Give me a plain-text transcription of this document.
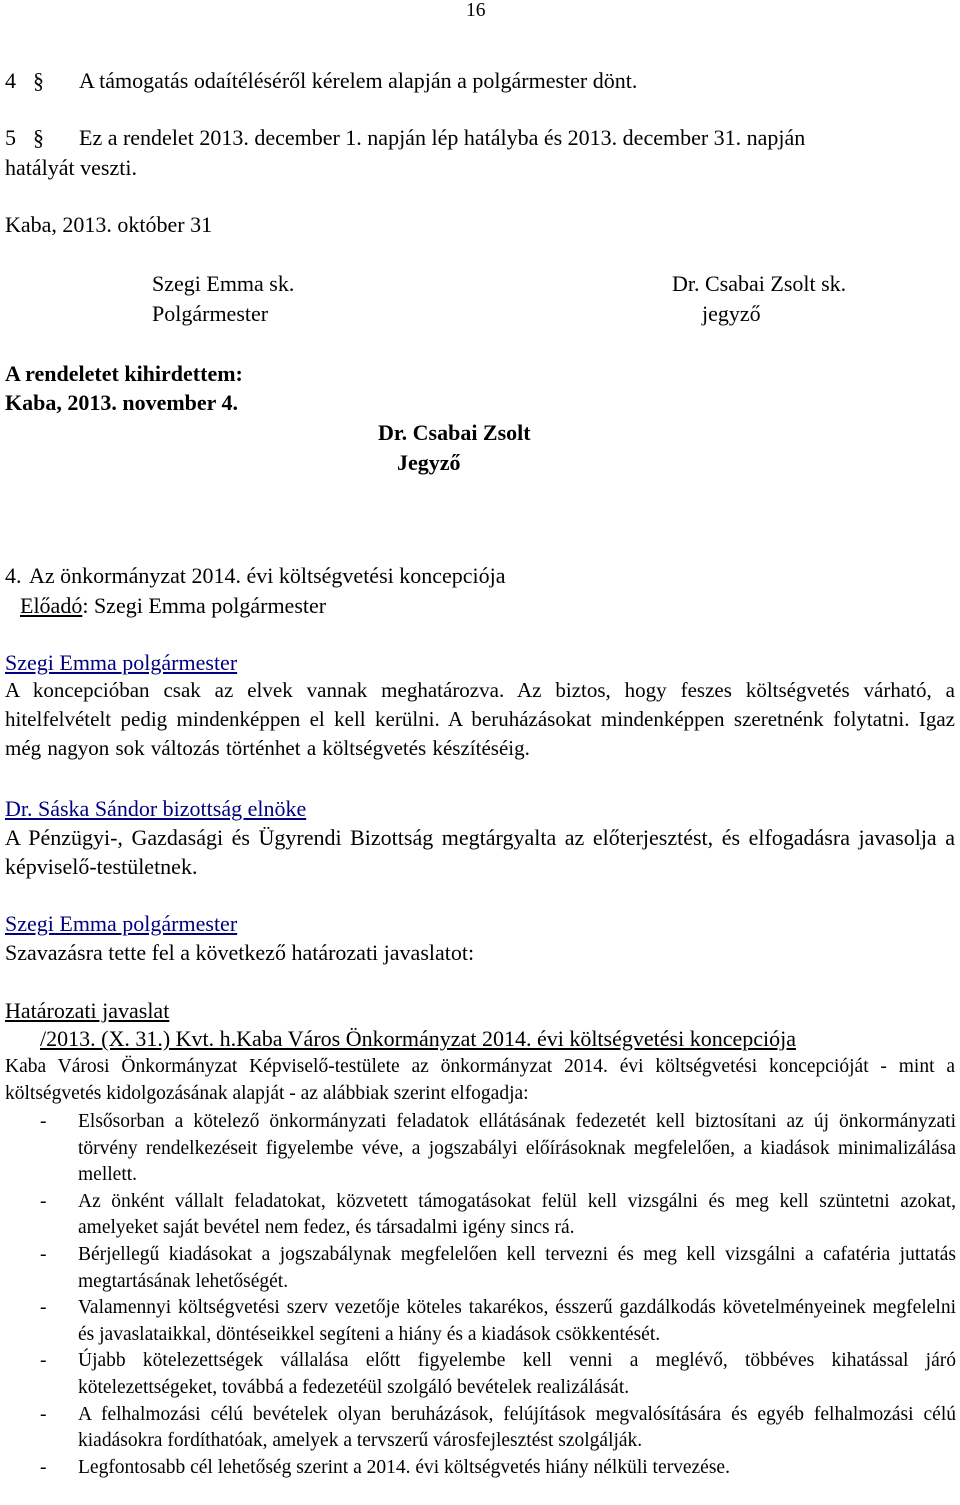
16
4 § A támogatás odaítéléséről kérelem alapján a polgármester dönt.
5 § Ez a rendelet 2013. december 1. napján lép hatályba és 2013. december 31. napján
hatályát veszti.
Kaba, 2013. október 31
Szegi Emma sk.
Polgármester
Dr. Csabai Zsolt sk.
jegyző
A rendeletet kihirdettem:
Kaba, 2013. november 4.
Dr. Csabai Zsolt
Jegyző
4. Az önkormányzat 2014. évi költségvetési koncepciója
Előadó: Szegi Emma polgármester
Szegi Emma polgármester
A koncepcióban csak az elvek vannak meghatározva. Az biztos, hogy feszes költségvetés várható, a hitelfelvételt pedig mindenképpen el kell kerülni. A beruházásokat mindenképpen szeretnénk folytatni. Igaz még nagyon sok változás történhet a költségvetés készítéséig.
Dr. Sáska Sándor bizottság elnöke
A Pénzügyi-, Gazdasági és Ügyrendi Bizottság megtárgyalta az előterjesztést, és elfogadásra javasolja a képviselő-testületnek.
Szegi Emma polgármester
Szavazásra tette fel a következő határozati javaslatot:
Határozati javaslat
/2013. (X. 31.) Kvt. h.Kaba Város Önkormányzat 2014. évi költségvetési koncepciója
Kaba Városi Önkormányzat Képviselő-testülete az önkormányzat 2014. évi költségvetési koncepcióját - mint a költségvetés kidolgozásának alapját - az alábbiak szerint elfogadja:
- Elsősorban a kötelező önkormányzati feladatok ellátásának fedezetét kell biztosítani az új önkormányzati törvény rendelkezéseit figyelembe véve, a jogszabályi előírásoknak megfelelően, a kiadások minimalizálása mellett.
- Az önként vállalt feladatokat, közvetett támogatásokat felül kell vizsgálni és meg kell szüntetni azokat, amelyeket saját bevétel nem fedez, és társadalmi igény sincs rá.
- Bérjellegű kiadásokat a jogszabálynak megfelelően kell tervezni és meg kell vizsgálni a cafatéria juttatás megtartásának lehetőségét.
- Valamennyi költségvetési szerv vezetője köteles takarékos, ésszerű gazdálkodás követelményeinek megfelelni és javaslataikkal, döntéseikkel segíteni a hiány és a kiadások csökkentését.
- Újabb kötelezettségek vállalása előtt figyelembe kell venni a meglévő, többéves kihatással járó kötelezettségeket, továbbá a fedezetéül szolgáló bevételek realizálását.
- A felhalmozási célú bevételek olyan beruházások, felújítások megvalósítására és egyéb felhalmozási célú kiadásokra fordíthatóak, amelyek a tervszerű városfejlesztést szolgálják.
- Legfontosabb cél lehetőség szerint a 2014. évi költségvetés hiány nélküli tervezése.
